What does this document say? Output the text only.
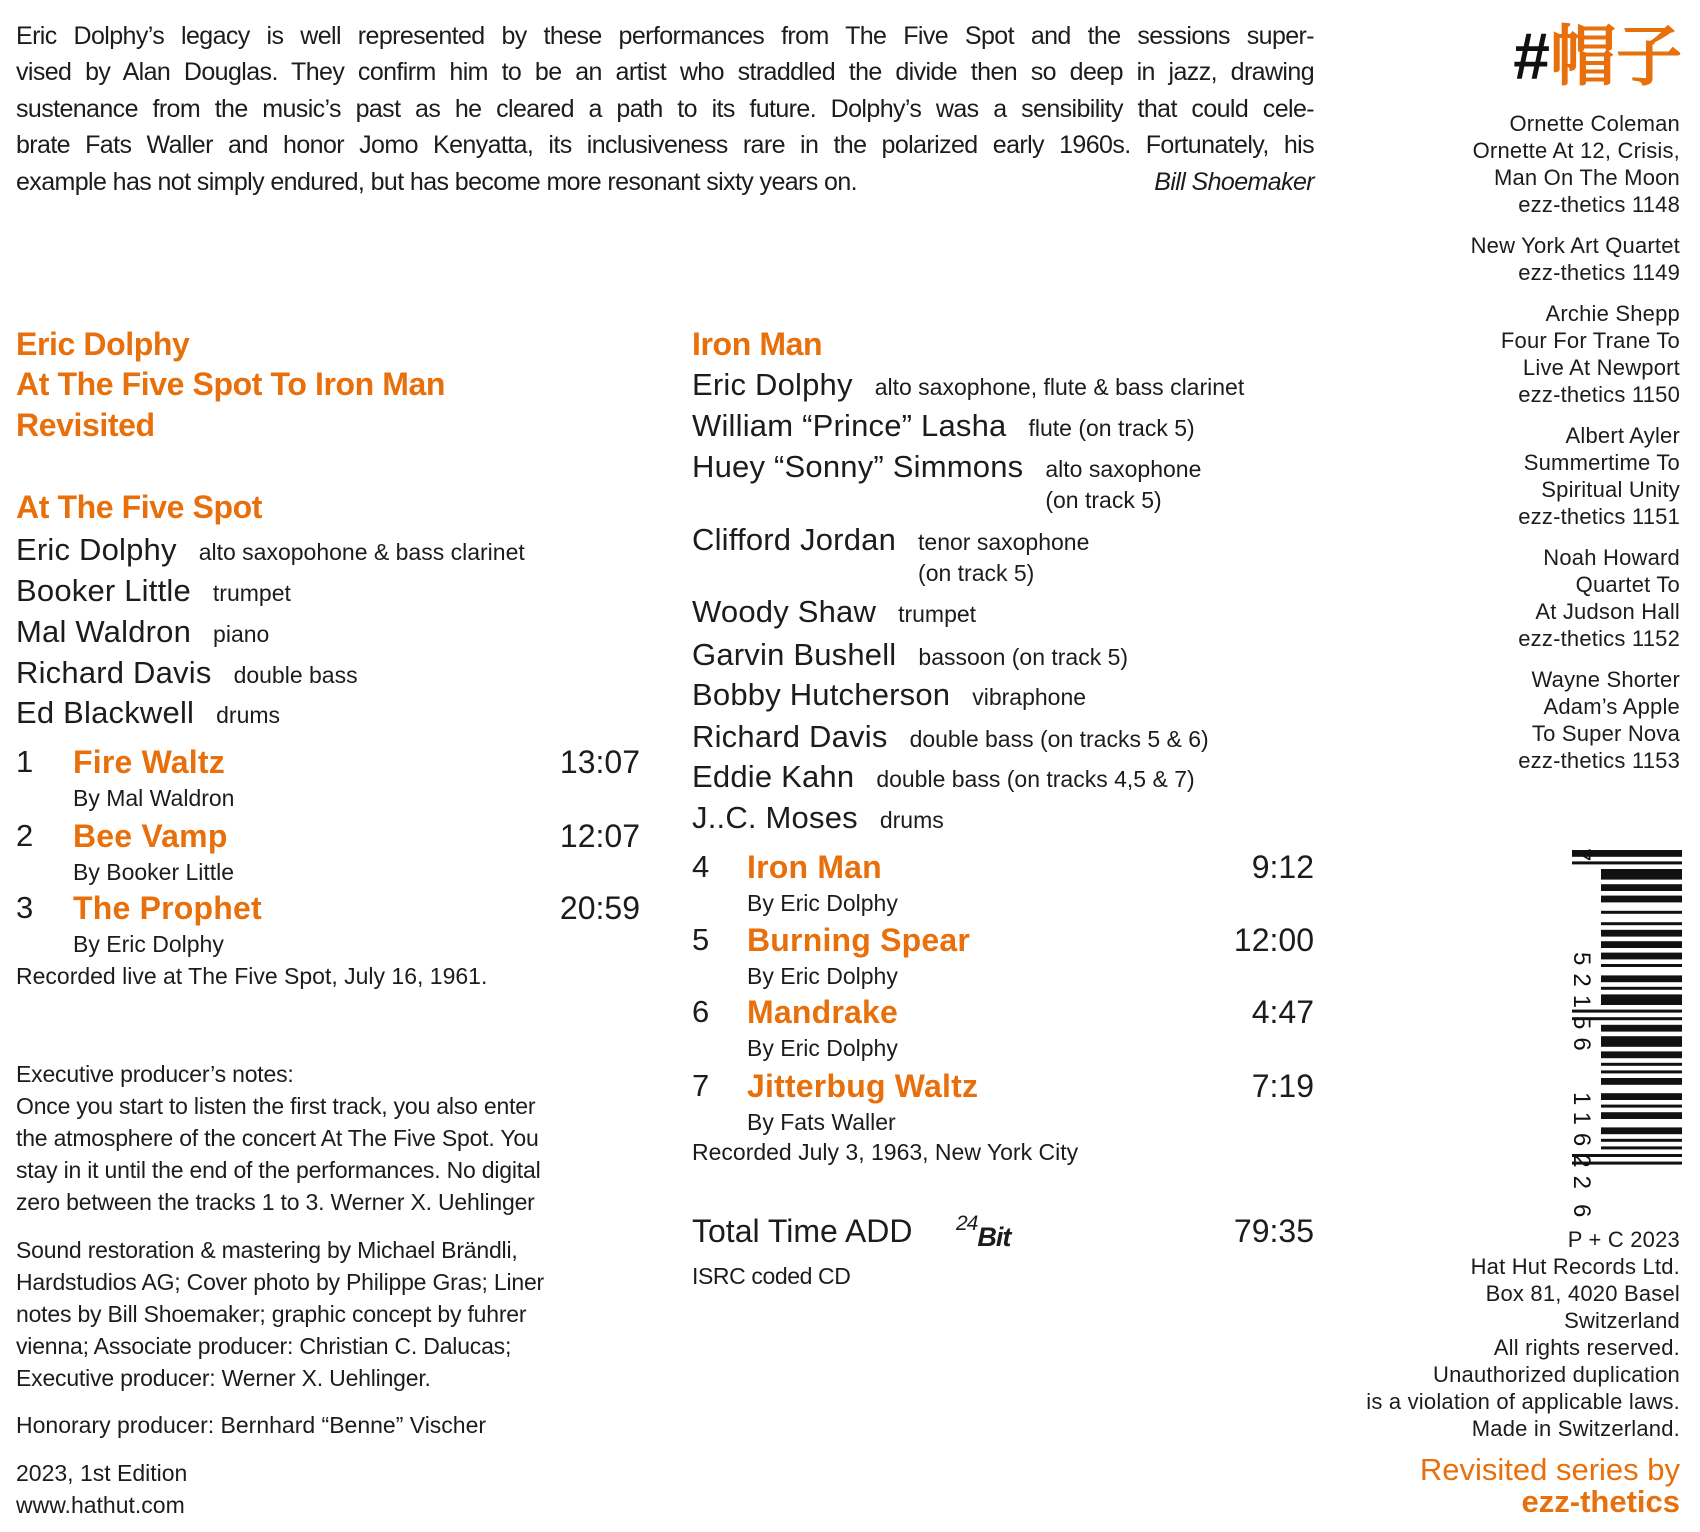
Eric Dolphy’s legacy is well represented by these performances from The Five Spot and the sessions super-
vised by Alan Douglas. They confirm him to be an artist who straddled the divide then so deep in jazz, drawing
sustenance from the music’s past as he cleared a path to its future. Dolphy’s was a sensibility that could cele-
brate Fats Waller and honor Jomo Kenyatta, its inclusiveness rare in the polarized early 1960s. Fortunately, his
example has not simply endured, but has become more resonant sixty years on.	Bill Shoemaker
#帽子
Eric Dolphy
At The Five Spot To Iron Man
Revisited
At The Five Spot
Eric Dolphy alto saxopohone & bass clarinet
Booker Little trumpet
Mal Waldron piano
Richard Davis double bass
Ed Blackwell drums
1 Fire Waltz	13:07
By Mal Waldron
2 Bee Vamp	12:07
By Booker Little
3 The Prophet	20:59
By Eric Dolphy
Recorded live at The Five Spot, July 16, 1961.
Executive producer’s notes:
Once you start to listen the first track, you also enter
the atmosphere of the concert At The Five Spot. You
stay in it until the end of the performances. No digital
zero between the tracks 1 to 3. Werner X. Uehlinger
Sound restoration & mastering by Michael Brändli,
Hardstudios AG; Cover photo by Philippe Gras; Liner
notes by Bill Shoemaker; graphic concept by fuhrer
vienna; Associate producer: Christian C. Dalucas;
Executive producer: Werner X. Uehlinger.
Honorary producer: Bernhard “Benne” Vischer
2023, 1st Edition
www.hathut.com
Iron Man
Eric Dolphy alto saxophone, flute & bass clarinet
William “Prince” Lasha flute (on track 5)
Huey “Sonny” Simmons alto saxophone
(on track 5)
Clifford Jordan tenor saxophone
(on track 5)
Woody Shaw trumpet
Garvin Bushell bassoon (on track 5)
Bobby Hutcherson vibraphone
Richard Davis double bass (on tracks 5 & 6)
Eddie Kahn double bass (on tracks 4,5 & 7)
J..C. Moses drums
4 Iron Man	9:12
By Eric Dolphy
5 Burning Spear	12:00
By Eric Dolphy
6 Mandrake	4:47
By Eric Dolphy
7 Jitterbug Waltz	7:19
By Fats Waller
Recorded July 3, 1963, New York City
Total Time ADD 24Bit	79:35
ISRC coded CD
Ornette Coleman
Ornette At 12, Crisis,
Man On The Moon
ezz-thetics 1148
New York Art Quartet
ezz-thetics 1149
Archie Shepp
Four For Trane To
Live At Newport
ezz-thetics 1150
Albert Ayler
Summertime To
Spiritual Unity
ezz-thetics 1151
Noah Howard
Quartet To
At Judson Hall
ezz-thetics 1152
Wayne Shorter
Adam’s Apple
To Super Nova
ezz-thetics 1153
7
52156
11622
6
P + C 2023
Hat Hut Records Ltd.
Box 81, 4020 Basel
Switzerland
All rights reserved.
Unauthorized duplication
is a violation of applicable laws.
Made in Switzerland.
Revisited series by
ezz-thetics
